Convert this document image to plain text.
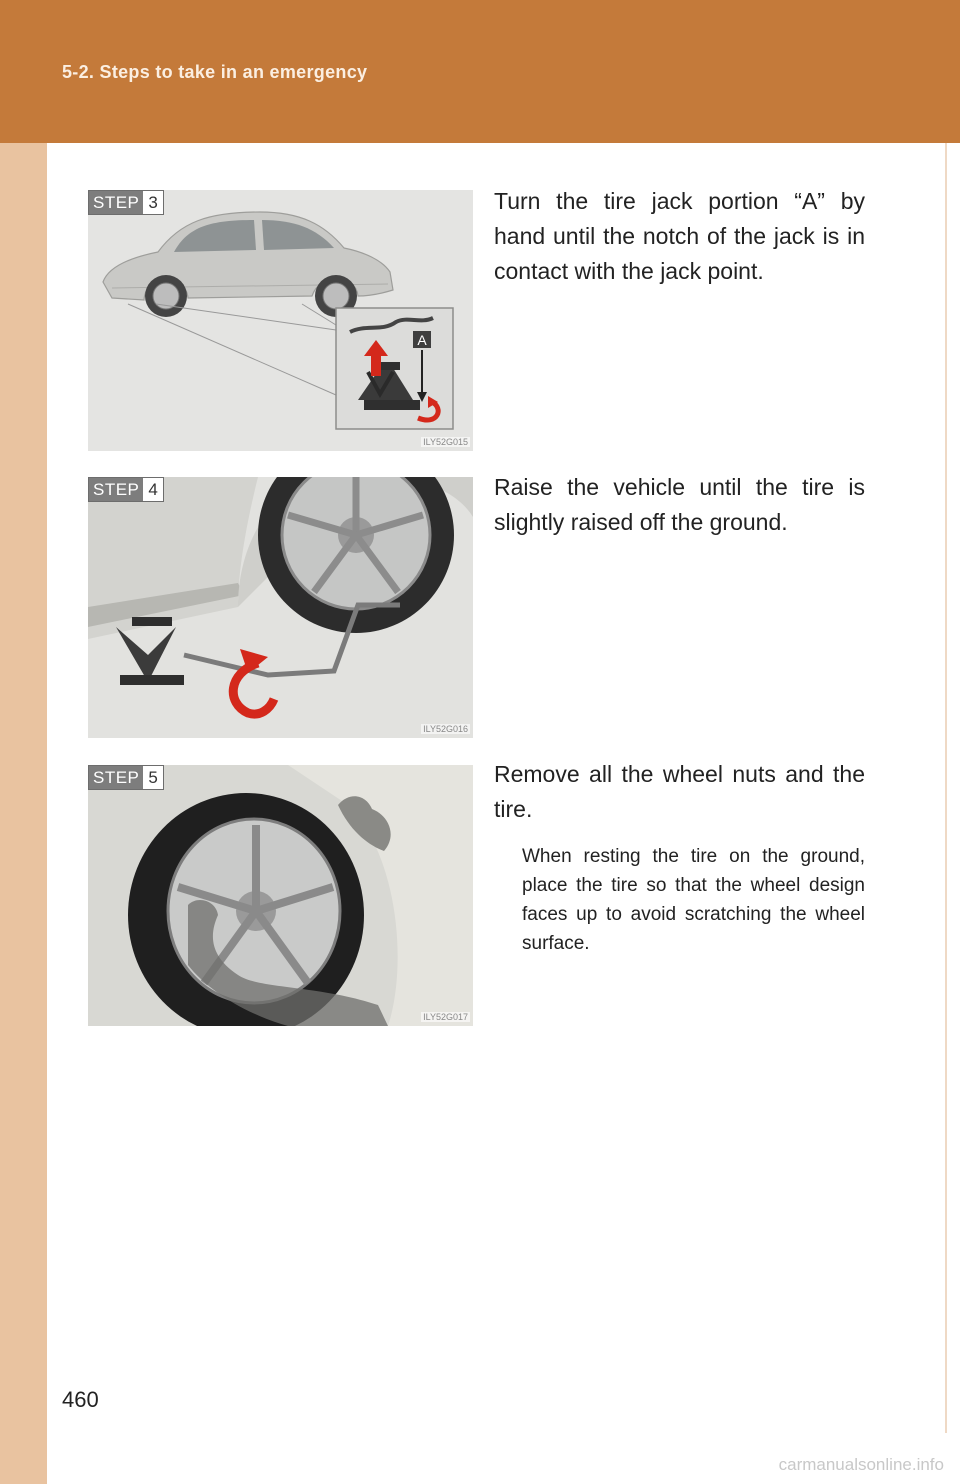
5-2. Steps to take in an emergency
A
STEP 3
ILY52G015
Turn the tire jack portion “A” by hand until the notch of the jack is in contact with the jack point.
STEP 4
ILY52G016
Raise the vehicle until the tire is slightly raised off the ground.
STEP 5
ILY52G017
Remove all the wheel nuts and the tire.
When resting the tire on the ground, place the tire so that the wheel design faces up to avoid scratching the wheel surface.
460
carmanualsonline.info
